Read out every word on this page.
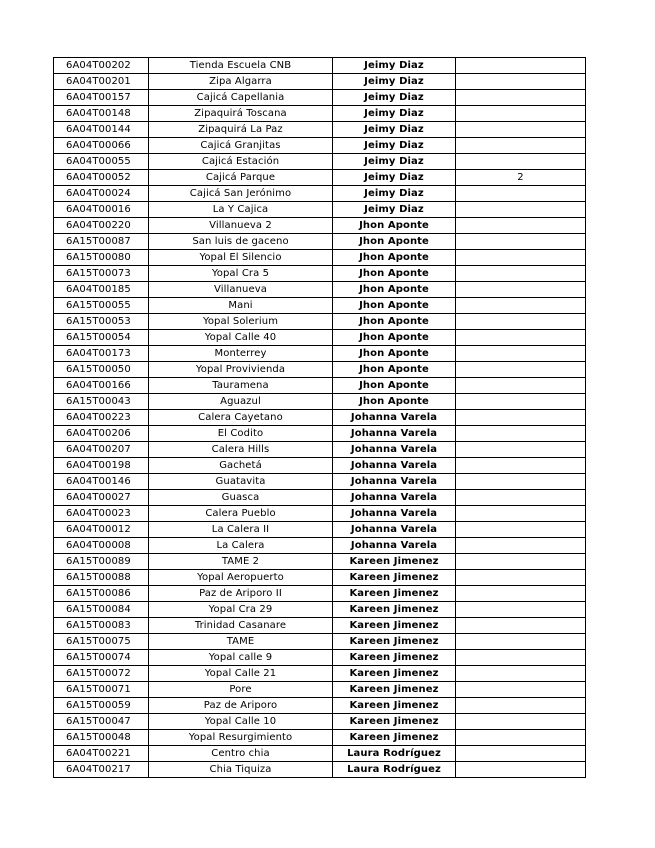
6A04T00202	Tienda Escuela CNB	Jeimy Diaz	
6A04T00201	Zipa Algarra	Jeimy Diaz	
6A04T00157	Cajicá Capellania	Jeimy Diaz	
6A04T00148	Zipaquirá Toscana	Jeimy Diaz	
6A04T00144	Zipaquirá La Paz	Jeimy Diaz	
6A04T00066	Cajicá Granjitas	Jeimy Diaz	
6A04T00055	Cajicá Estación	Jeimy Diaz	
6A04T00052	Cajicá Parque	Jeimy Diaz	2
6A04T00024	Cajicá San Jerónimo	Jeimy Diaz	
6A04T00016	La Y Cajica	Jeimy Diaz	
6A04T00220	Villanueva 2	Jhon Aponte	
6A15T00087	San luis de gaceno	Jhon Aponte	
6A15T00080	Yopal El Silencio	Jhon Aponte	
6A15T00073	Yopal Cra 5	Jhon Aponte	
6A04T00185	Villanueva	Jhon Aponte	
6A15T00055	Mani	Jhon Aponte	
6A15T00053	Yopal Solerium	Jhon Aponte	
6A15T00054	Yopal Calle 40	Jhon Aponte	
6A04T00173	Monterrey	Jhon Aponte	
6A15T00050	Yopal Provivienda	Jhon Aponte	
6A04T00166	Tauramena	Jhon Aponte	
6A15T00043	Aguazul	Jhon Aponte	
6A04T00223	Calera Cayetano	Johanna Varela	
6A04T00206	El Codito	Johanna Varela	
6A04T00207	Calera Hills	Johanna Varela	
6A04T00198	Gachetá	Johanna Varela	
6A04T00146	Guatavita	Johanna Varela	
6A04T00027	Guasca	Johanna Varela	
6A04T00023	Calera Pueblo	Johanna Varela	
6A04T00012	La Calera II	Johanna Varela	
6A04T00008	La Calera	Johanna Varela	
6A15T00089	TAME 2	Kareen Jimenez	
6A15T00088	Yopal Aeropuerto	Kareen Jimenez	
6A15T00086	Paz de Ariporo II	Kareen Jimenez	
6A15T00084	Yopal Cra 29	Kareen Jimenez	
6A15T00083	Trinidad Casanare	Kareen Jimenez	
6A15T00075	TAME	Kareen Jimenez	
6A15T00074	Yopal calle 9	Kareen Jimenez	
6A15T00072	Yopal Calle 21	Kareen Jimenez	
6A15T00071	Pore	Kareen Jimenez	
6A15T00059	Paz de Ariporo	Kareen Jimenez	
6A15T00047	Yopal Calle 10	Kareen Jimenez	
6A15T00048	Yopal Resurgimiento	Kareen Jimenez	
6A04T00221	Centro chia	Laura Rodríguez	
6A04T00217	Chia Tiquiza	Laura Rodríguez	
